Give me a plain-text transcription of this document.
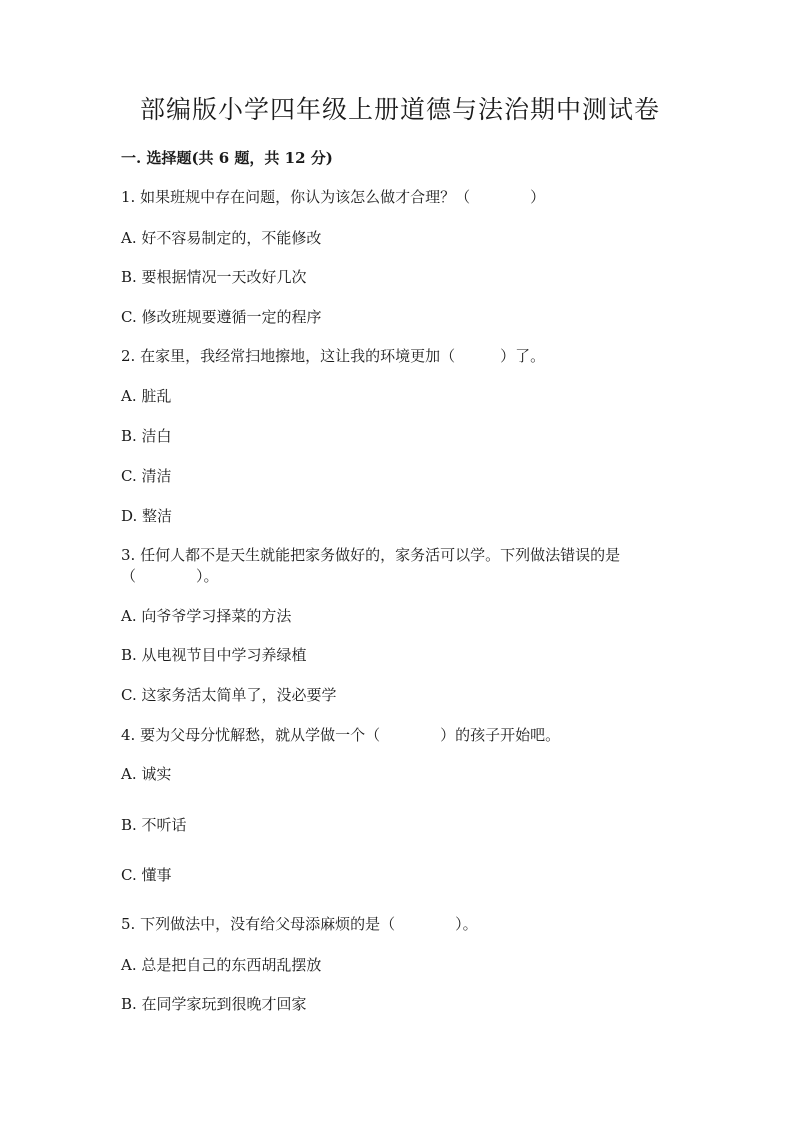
部编版小学四年级上册道德与法治期中测试卷

一. 选择题(共 6 题，共 12 分)

1. 如果班规中存在问题，你认为该怎么做才合理？（　　　　）

A. 好不容易制定的，不能修改

B. 要根据情况一天改好几次

C. 修改班规要遵循一定的程序

2. 在家里，我经常扫地擦地，这让我的环境更加（　　　）了。

A. 脏乱

B. 洁白

C. 清洁

D. 整洁

3. 任何人都不是天生就能把家务做好的，家务活可以学。下列做法错误的是

（　　　　）。

A. 向爷爷学习择菜的方法

B. 从电视节目中学习养绿植

C. 这家务活太简单了，没必要学

4. 要为父母分忧解愁，就从学做一个（　　　　）的孩子开始吧。

A. 诚实

B. 不听话

C. 懂事

5. 下列做法中，没有给父母添麻烦的是（　　　　）。

A. 总是把自己的东西胡乱摆放

B. 在同学家玩到很晚才回家
